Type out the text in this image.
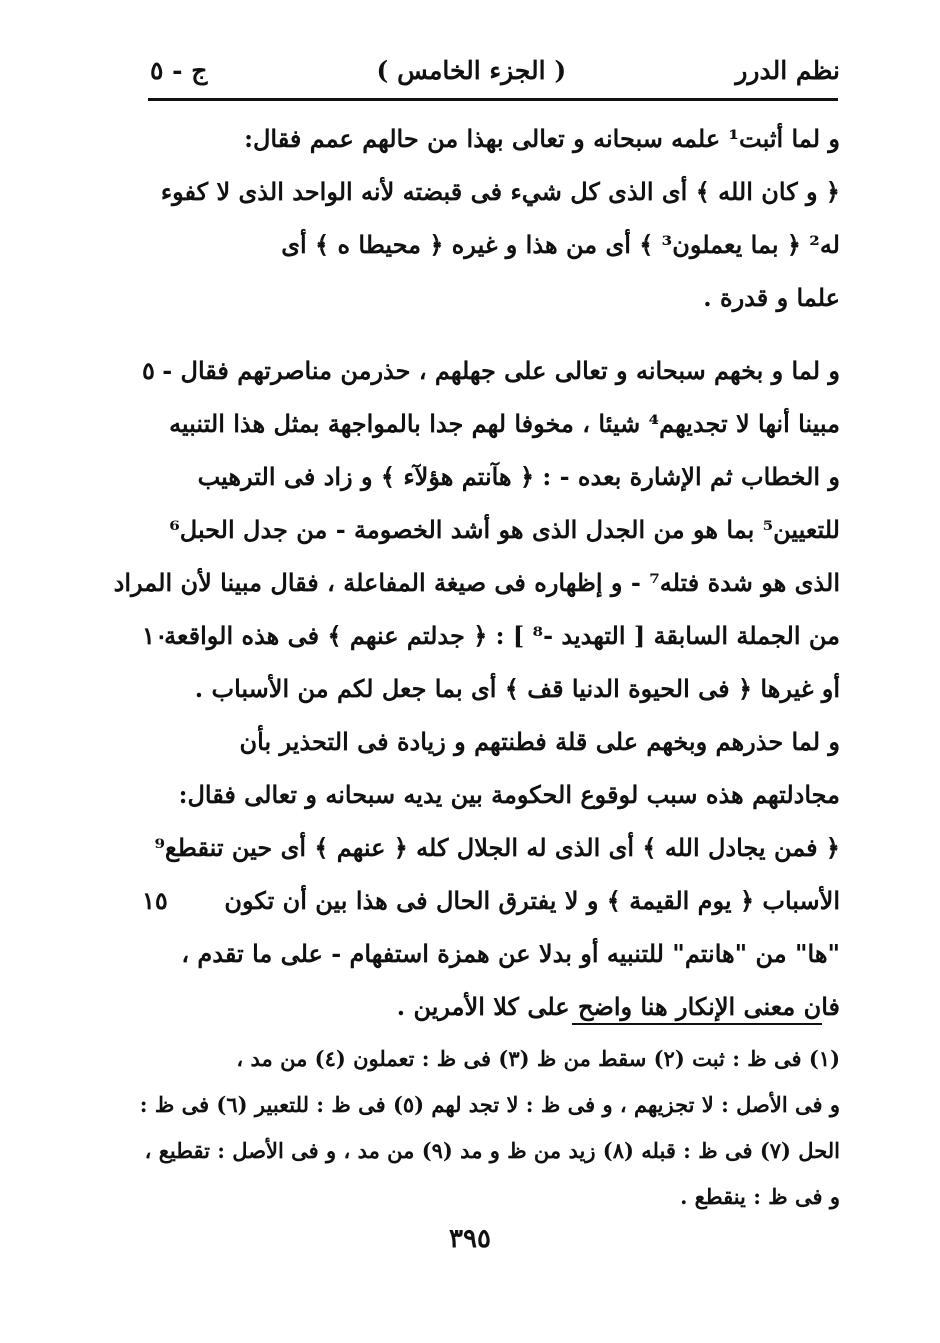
ج - ٥	( الجزء الخامس )	نظم الدرر
و لما أثبت¹ علمه سبحانه و تعالى بهذا من حالهم عمم فقال:
﴿ و كان الله ﴾ أى الذى كل شيء فى قبضته لأنه الواحد الذى لا كفوء
له² ﴿ بما يعملون³ ﴾ أى من هذا و غيره ﴿ محيطا ه ﴾ أى
علما و قدرة .
و لما و بخهم سبحانه و تعالى على جهلهم ، حذرمن مناصرتهم فقال -
٥
مبينا أنها لا تجديهم⁴ شيئا ، مخوفا لهم جدا بالمواجهة بمثل هذا التنبيه
و الخطاب ثم الإشارة بعده - : ﴿ هآنتم هؤلآء ﴾ و زاد فى الترهيب
للتعيين⁵ بما هو من الجدل الذى هو أشد الخصومة - من جدل الحبل⁶
الذى هو شدة فتله⁷ - و إظهاره فى صيغة المفاعلة ، فقال مبينا لأن المراد
من الجملة السابقة [ التهديد -⁸ ] : ﴿ جدلتم عنهم ﴾ فى هذه الواقعة
١٠
أو غيرها ﴿ فى الحيوة الدنيا قف ﴾ أى بما جعل لكم من الأسباب .
و لما حذرهم وبخهم على قلة فطنتهم و زيادة فى التحذير بأن
مجادلتهم هذه سبب لوقوع الحكومة بين يديه سبحانه و تعالى فقال:
﴿ فمن يجادل الله ﴾ أى الذى له الجلال كله ﴿ عنهم ﴾ أى حين تنقطع⁹
الأسباب ﴿ يوم القيمة ﴾ و لا يفترق الحال فى هذا بين أن تكون
١٥
"ها" من "هانتم" للتنبيه أو بدلا عن همزة استفهام - على ما تقدم ،
فان معنى الإنكار هنا واضح على كلا الأمرين .
(١) فى ظ : ثبت (٢) سقط من ظ (٣) فى ظ : تعملون (٤) من مد ،
و فى الأصل : لا تجزيهم ، و فى ظ : لا تجد لهم (٥) فى ظ : للتعبير (٦) فى ظ :
الحل (٧) فى ظ : قبله (٨) زيد من ظ و مد (٩) من مد ، و فى الأصل : تقطيع ،
و فى ظ : ينقطع .
٣٩٥
